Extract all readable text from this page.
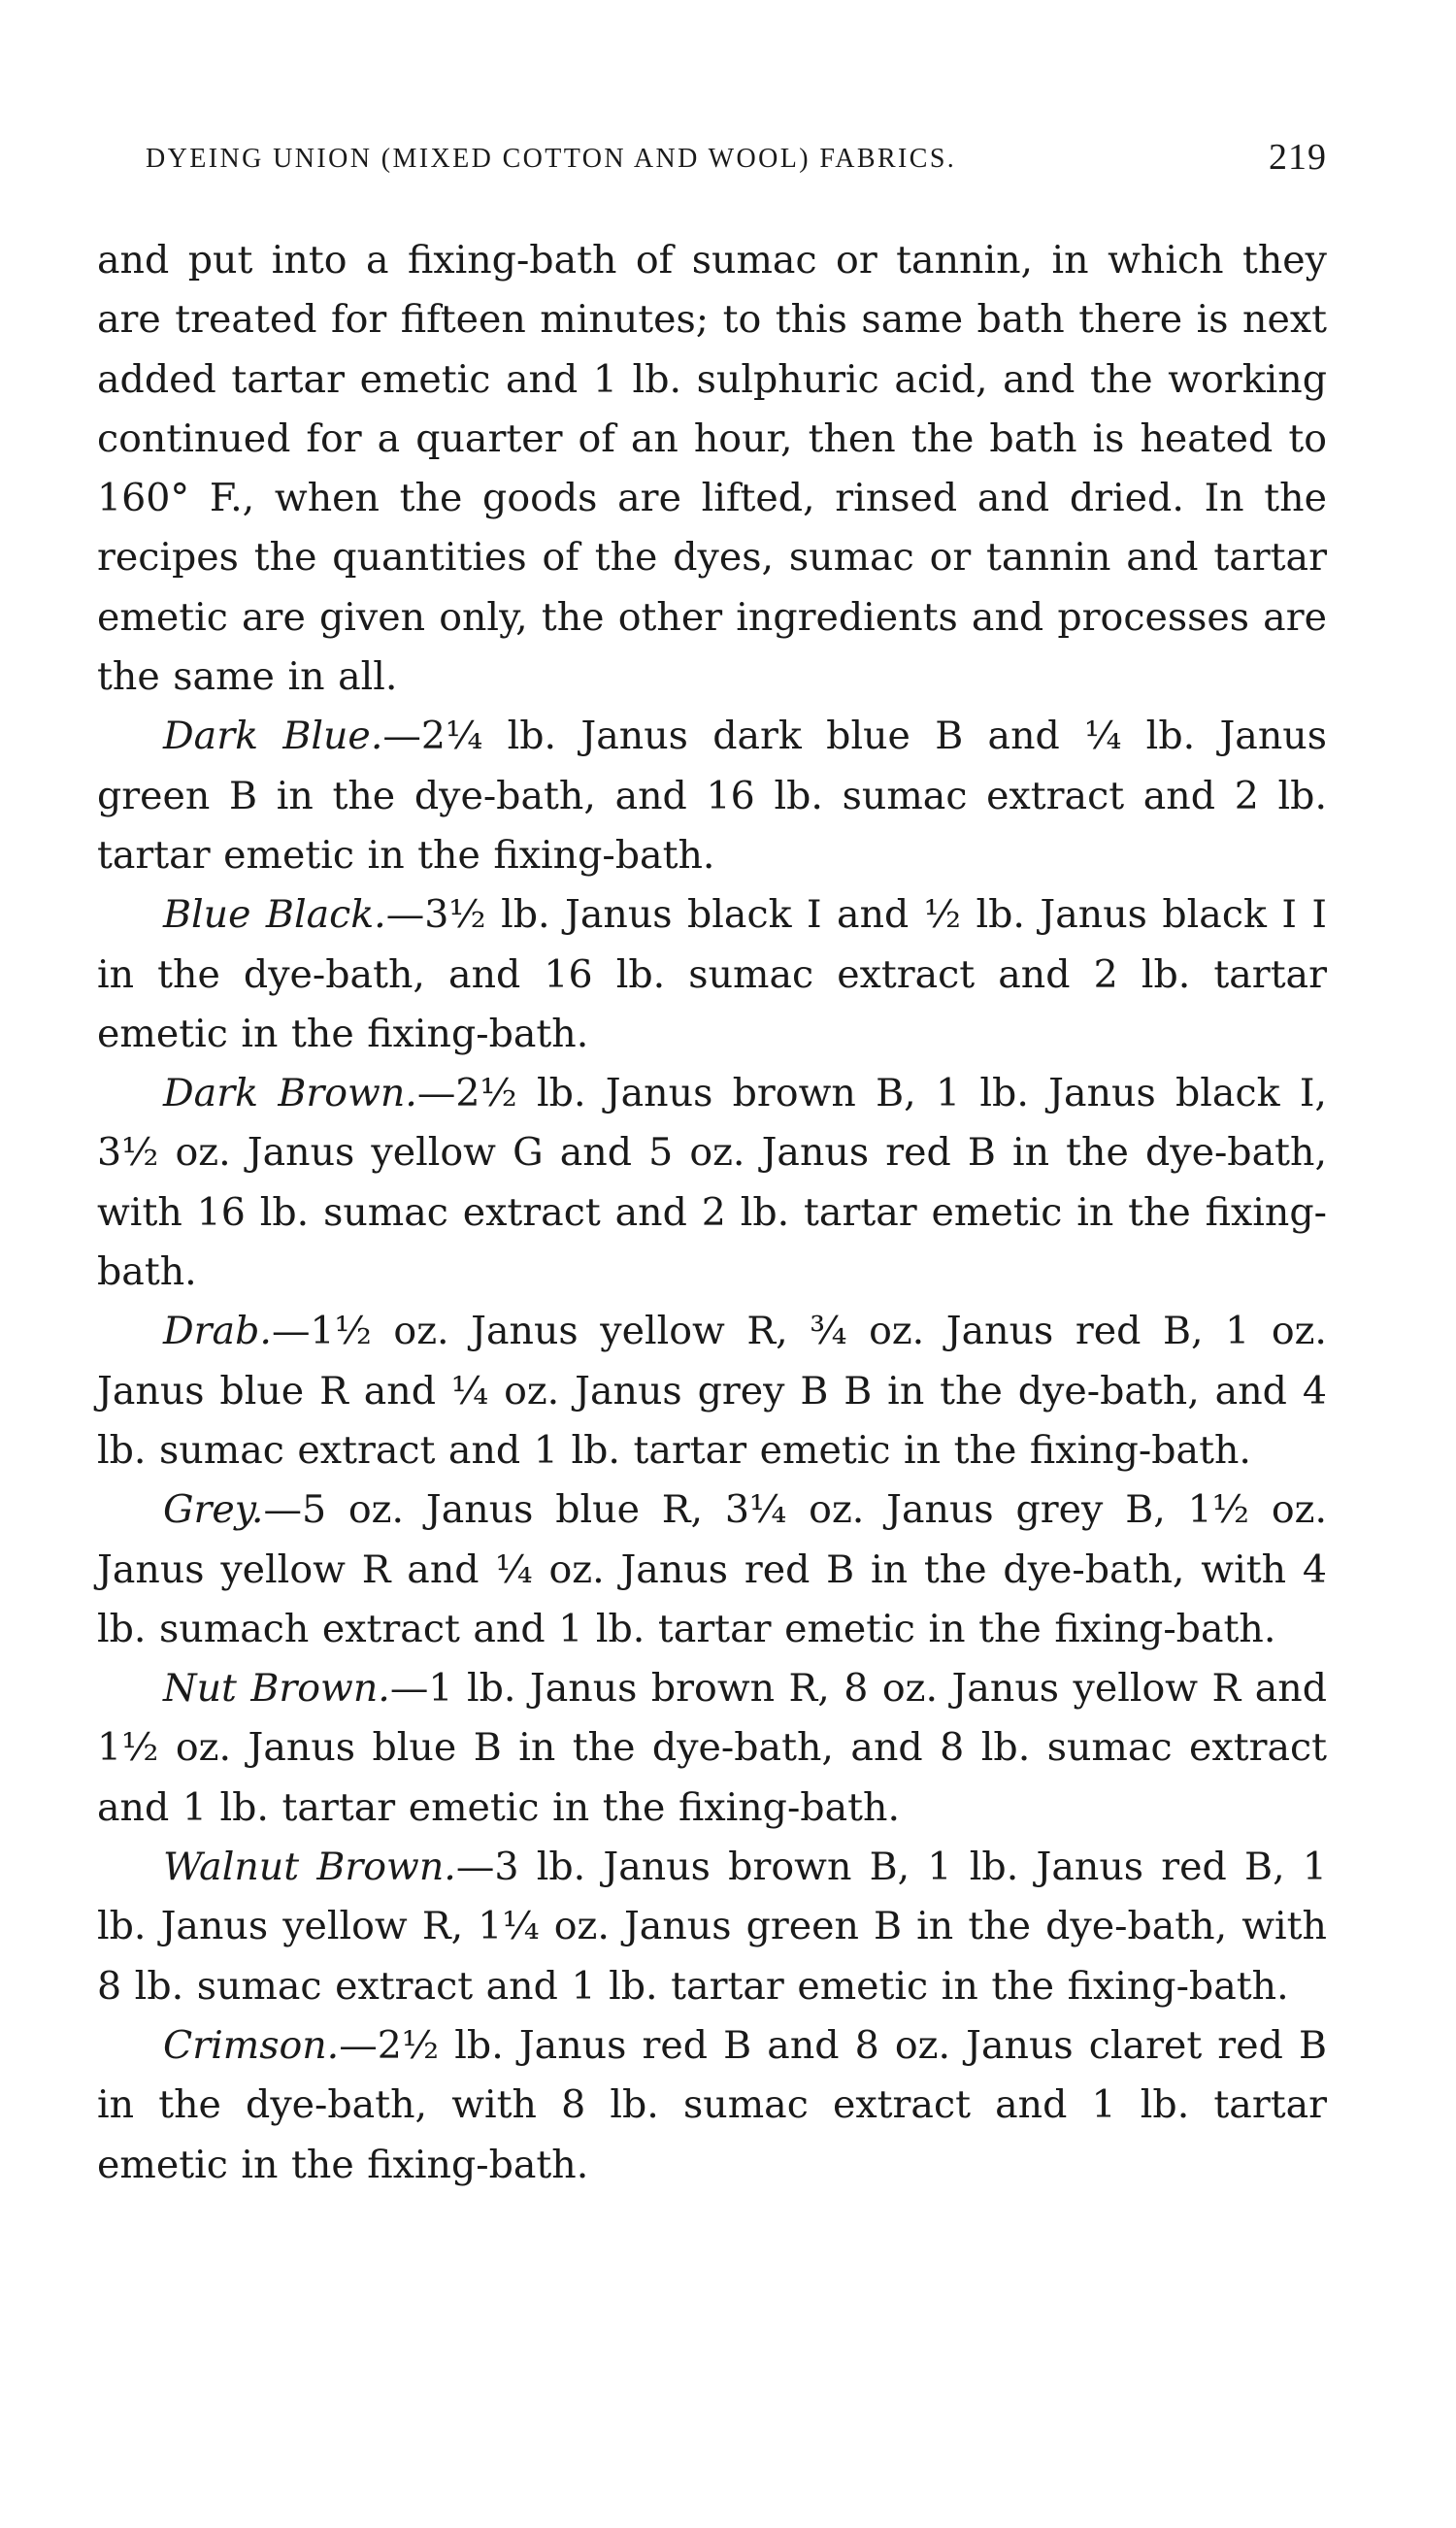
DYEING UNION (MIXED COTTON AND WOOL) FABRICS.	219

and put into a fixing-bath of sumac or tannin, in which they are treated for fifteen minutes; to this same bath there is next added tartar emetic and 1 lb. sulphuric acid, and the working continued for a quarter of an hour, then the bath is heated to 160° F., when the goods are lifted, rinsed and dried. In the recipes the quantities of the dyes, sumac or tannin and tartar emetic are given only, the other ingredients and processes are the same in all.

Dark Blue.—2¼ lb. Janus dark blue B and ¼ lb. Janus green B in the dye-bath, and 16 lb. sumac extract and 2 lb. tartar emetic in the fixing-bath.

Blue Black.—3½ lb. Janus black I and ½ lb. Janus black I I in the dye-bath, and 16 lb. sumac extract and 2 lb. tartar emetic in the fixing-bath.

Dark Brown.—2½ lb. Janus brown B, 1 lb. Janus black I, 3½ oz. Janus yellow G and 5 oz. Janus red B in the dye-bath, with 16 lb. sumac extract and 2 lb. tartar emetic in the fixing-bath.

Drab.—1½ oz. Janus yellow R, ¾ oz. Janus red B, 1 oz. Janus blue R and ¼ oz. Janus grey B B in the dye-bath, and 4 lb. sumac extract and 1 lb. tartar emetic in the fixing-bath.

Grey.—5 oz. Janus blue R, 3¼ oz. Janus grey B, 1½ oz. Janus yellow R and ¼ oz. Janus red B in the dye-bath, with 4 lb. sumach extract and 1 lb. tartar emetic in the fixing-bath.

Nut Brown.—1 lb. Janus brown R, 8 oz. Janus yellow R and 1½ oz. Janus blue B in the dye-bath, and 8 lb. sumac extract and 1 lb. tartar emetic in the fixing-bath.

Walnut Brown.—3 lb. Janus brown B, 1 lb. Janus red B, 1 lb. Janus yellow R, 1¼ oz. Janus green B in the dye-bath, with 8 lb. sumac extract and 1 lb. tartar emetic in the fixing-bath.

Crimson.—2½ lb. Janus red B and 8 oz. Janus claret red B in the dye-bath, with 8 lb. sumac extract and 1 lb. tartar emetic in the fixing-bath.
